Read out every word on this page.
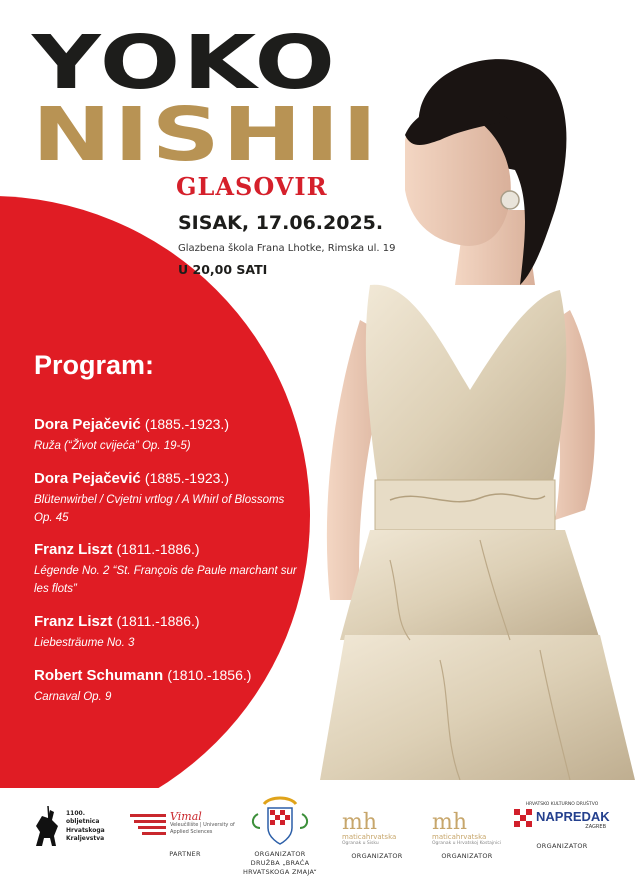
YOKO
NISHII
GLASOVIR
SISAK, 17.06.2025.
Glazbena škola Frana Lhotke, Rimska ul. 19
U 20,00 SATI
Program:
Dora Pejačević (1885.-1923.)
Ruža (“Život cvijeća” Op. 19-5)
Dora Pejačević (1885.-1923.)
Blütenwirbel / Cvjetni vrtlog / A Whirl of Blossoms Op. 45
Franz Liszt (1811.-1886.)
Légende No. 2 “St. François de Paule marchant sur les flots”
Franz Liszt (1811.-1886.)
Liebesträume No. 3
Robert Schumann (1810.-1856.)
Carnaval Op. 9
1100. obljetnica Hrvatskoga Kraljevstva
Vimal
Veleučilište | University of Applied Sciences
PARTNER	ORGANIZATOR
DRUŽBA „BRAĆA HRVATSKOGA ZMAJA“
mh
maticahrvatska
Ogranak u Sisku
ORGANIZATOR
mh
maticahrvatska
Ogranak u Hrvatskoj Kostajnici
ORGANIZATOR
HRVATSKO KULTURNO DRUŠTVO
NAPREDAK
ZAGREB
ORGANIZATOR
